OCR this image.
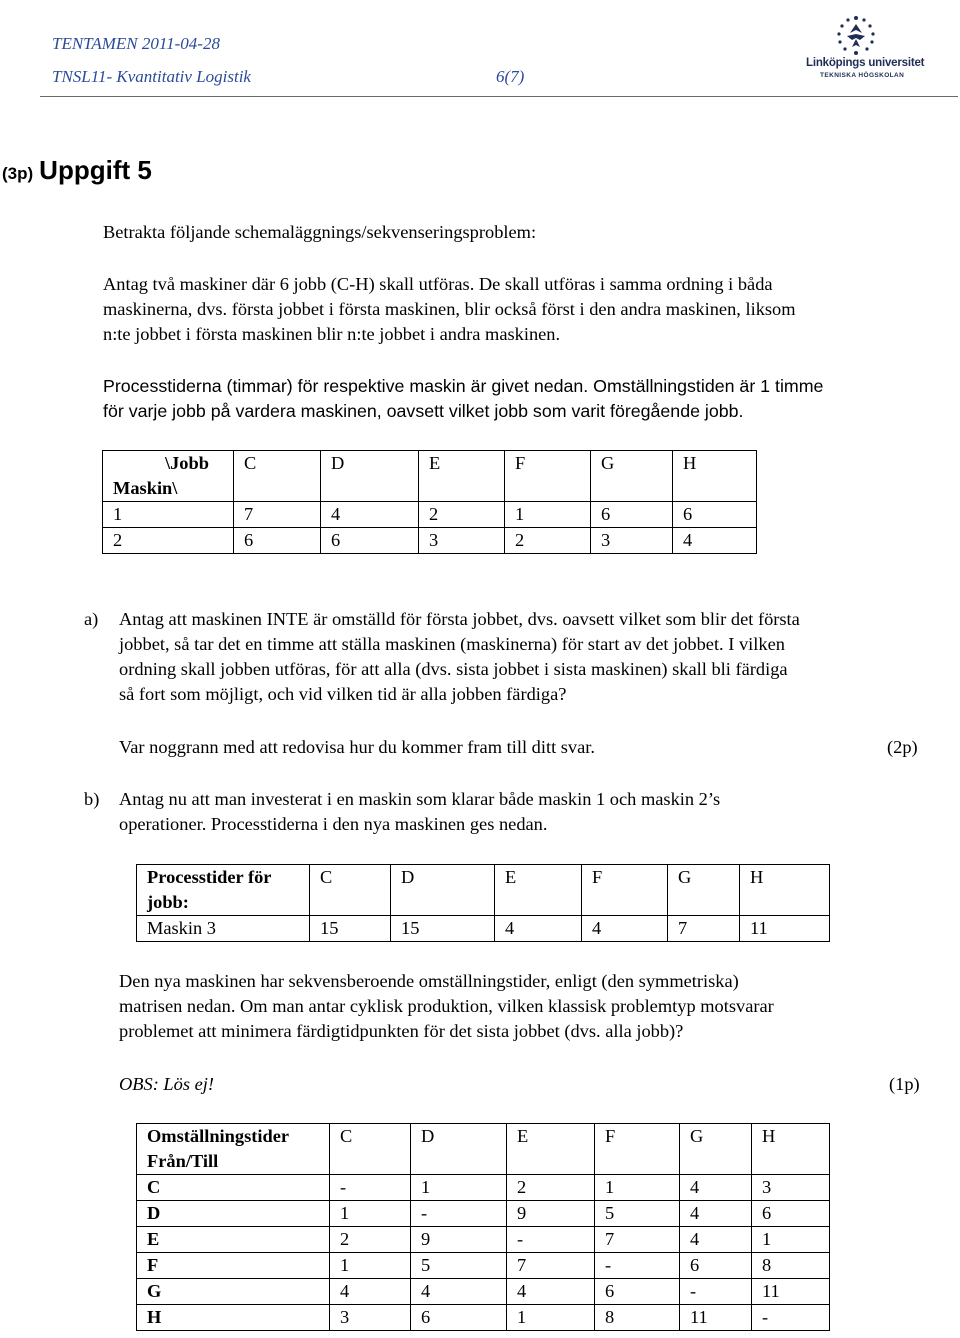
TENTAMEN 2011-04-28
TNSL11- Kvantitativ Logistik	6(7)
Linköpings universitet
TEKNISKA HÖGSKOLAN
(3p) Uppgift 5

Betrakta följande schemaläggnings/sekvenseringsproblem:

Antag två maskiner där 6 jobb (C-H) skall utföras. De skall utföras i samma ordning i båda
maskinerna, dvs. första jobbet i första maskinen, blir också först i den andra maskinen, liksom
n:te jobbet i första maskinen blir n:te jobbet i andra maskinen.
Processtiderna (timmar) för respektive maskin är givet nedan. Omställningstiden är 1 timme
för varje jobb på vardera maskinen, oavsett vilket jobb som varit föregående jobb.
\Jobb
Maskin\	C	D	E	F	G	H
1	7	4	2	1	6	6
2	6	6	3	2	3	4
a) Antag att maskinen INTE är omställd för första jobbet, dvs. oavsett vilket som blir det första
jobbet, så tar det en timme att ställa maskinen (maskinerna) för start av det jobbet. I vilken
ordning skall jobben utföras, för att alla (dvs. sista jobbet i sista maskinen) skall bli färdiga
så fort som möjligt, och vid vilken tid är alla jobben färdiga?
Var noggrann med att redovisa hur du kommer fram till ditt svar.	(2p)
b) Antag nu att man investerat i en maskin som klarar både maskin 1 och maskin 2’s
operationer. Processtiderna i den nya maskinen ges nedan.
Processtider för
jobb:	C	D	E	F	G	H
Maskin 3	15	15	4	4	7	11
Den nya maskinen har sekvensberoende omställningstider, enligt (den symmetriska)
matrisen nedan. Om man antar cyklisk produktion, vilken klassisk problemtyp motsvarar
problemet att minimera färdigtidpunkten för det sista jobbet (dvs. alla jobb)?
OBS: Lös ej!	(1p)
Omställningstider
Från/Till	C	D	E	F	G	H
C	-	1	2	1	4	3
D	1	-	9	5	4	6
E	2	9	-	7	4	1
F	1	5	7	-	6	8
G	4	4	4	6	-	11
H	3	6	1	8	11	-
